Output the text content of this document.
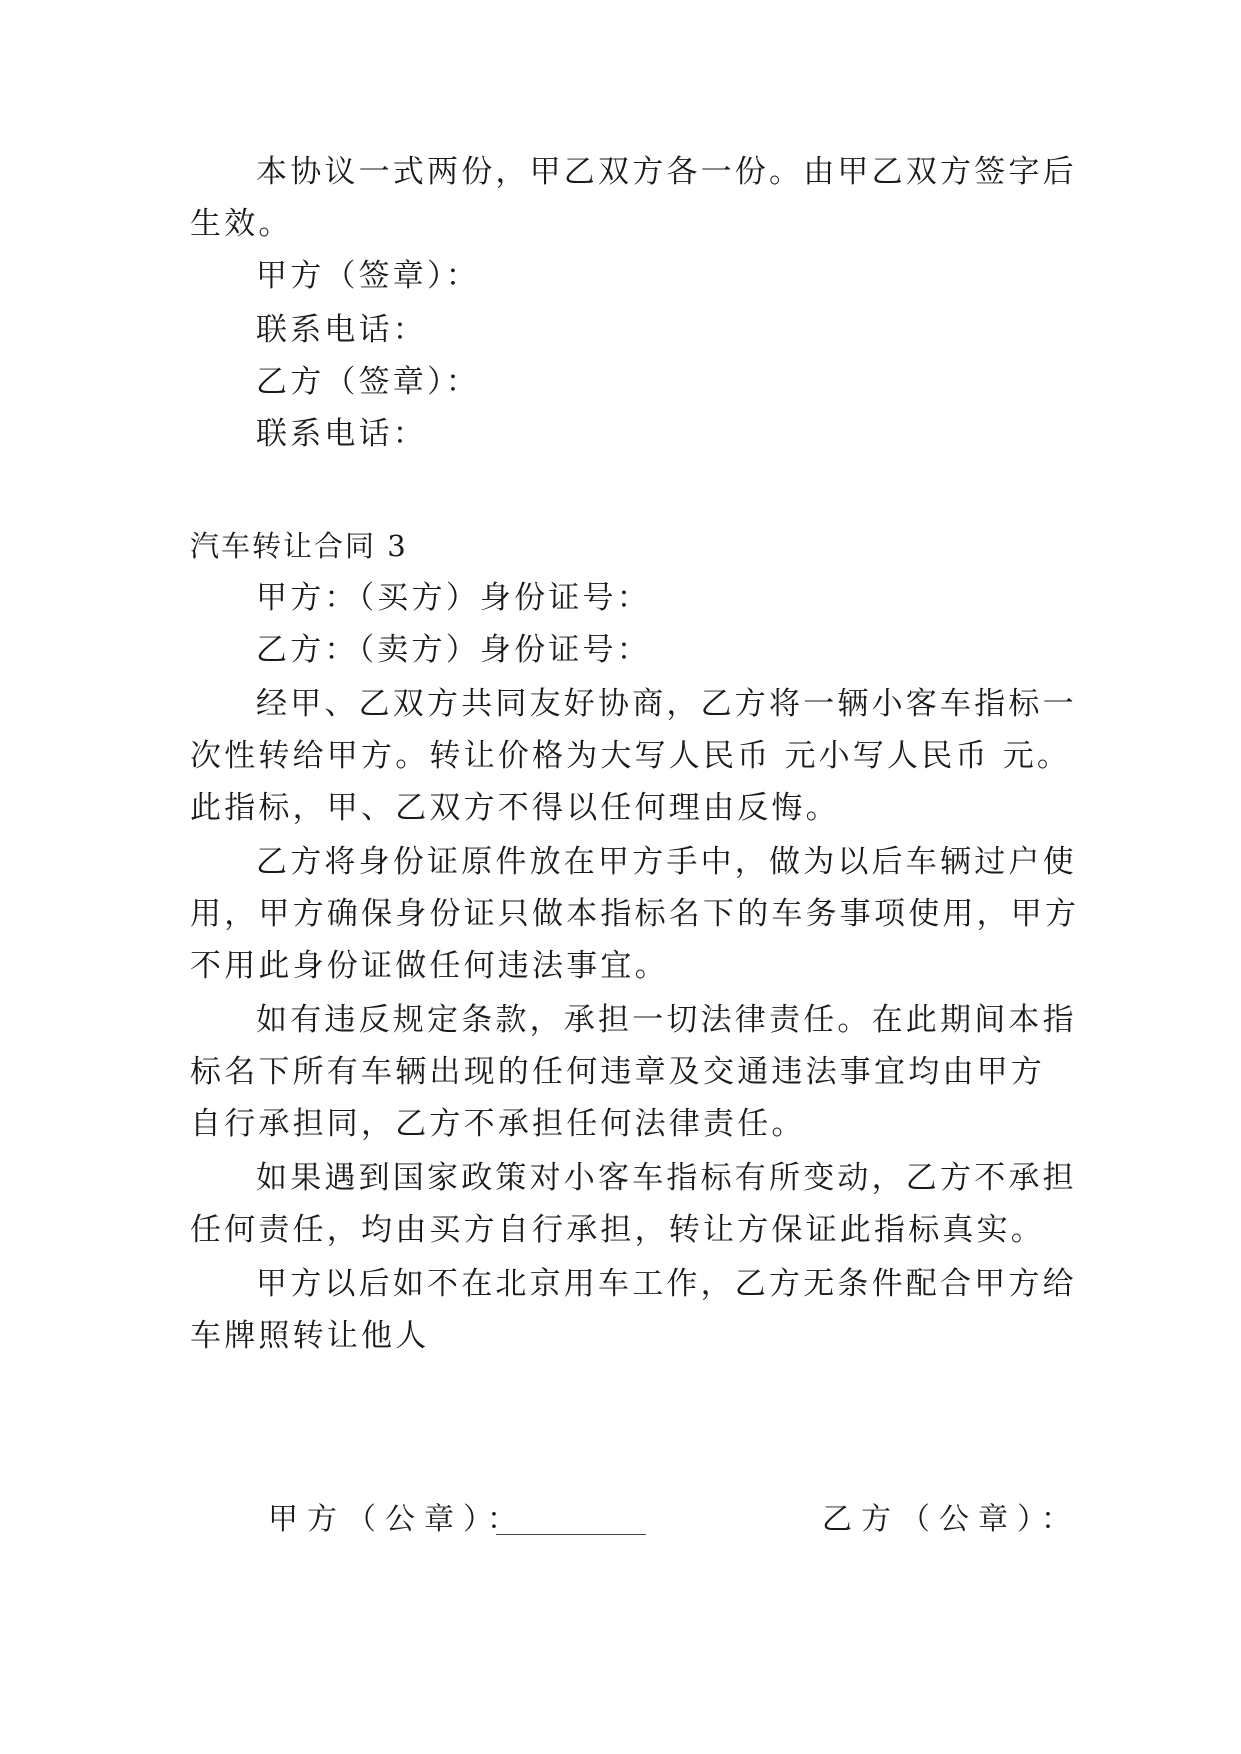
本协议一式两份，甲乙双方各一份。由甲乙双方签字后
生效。
甲方（签章）：
联系电话：
乙方（签章）：
联系电话：
汽车转让合同 3
甲方：（买方）身份证号：
乙方：（卖方）身份证号：
经甲、乙双方共同友好协商，乙方将一辆小客车指标一
次性转给甲方。转让价格为大写人民币 元小写人民币 元。
此指标，甲、乙双方不得以任何理由反悔。
乙方将身份证原件放在甲方手中，做为以后车辆过户使
用，甲方确保身份证只做本指标名下的车务事项使用，甲方
不用此身份证做任何违法事宜。
如有违反规定条款，承担一切法律责任。在此期间本指
标名下所有车辆出现的任何违章及交通违法事宜均由甲方
自行承担同，乙方不承担任何法律责任。
如果遇到国家政策对小客车指标有所变动，乙方不承担
任何责任，均由买方自行承担，转让方保证此指标真实。
甲方以后如不在北京用车工作，乙方无条件配合甲方给
车牌照转让他人
甲方（公章）：	乙方（公章）：
